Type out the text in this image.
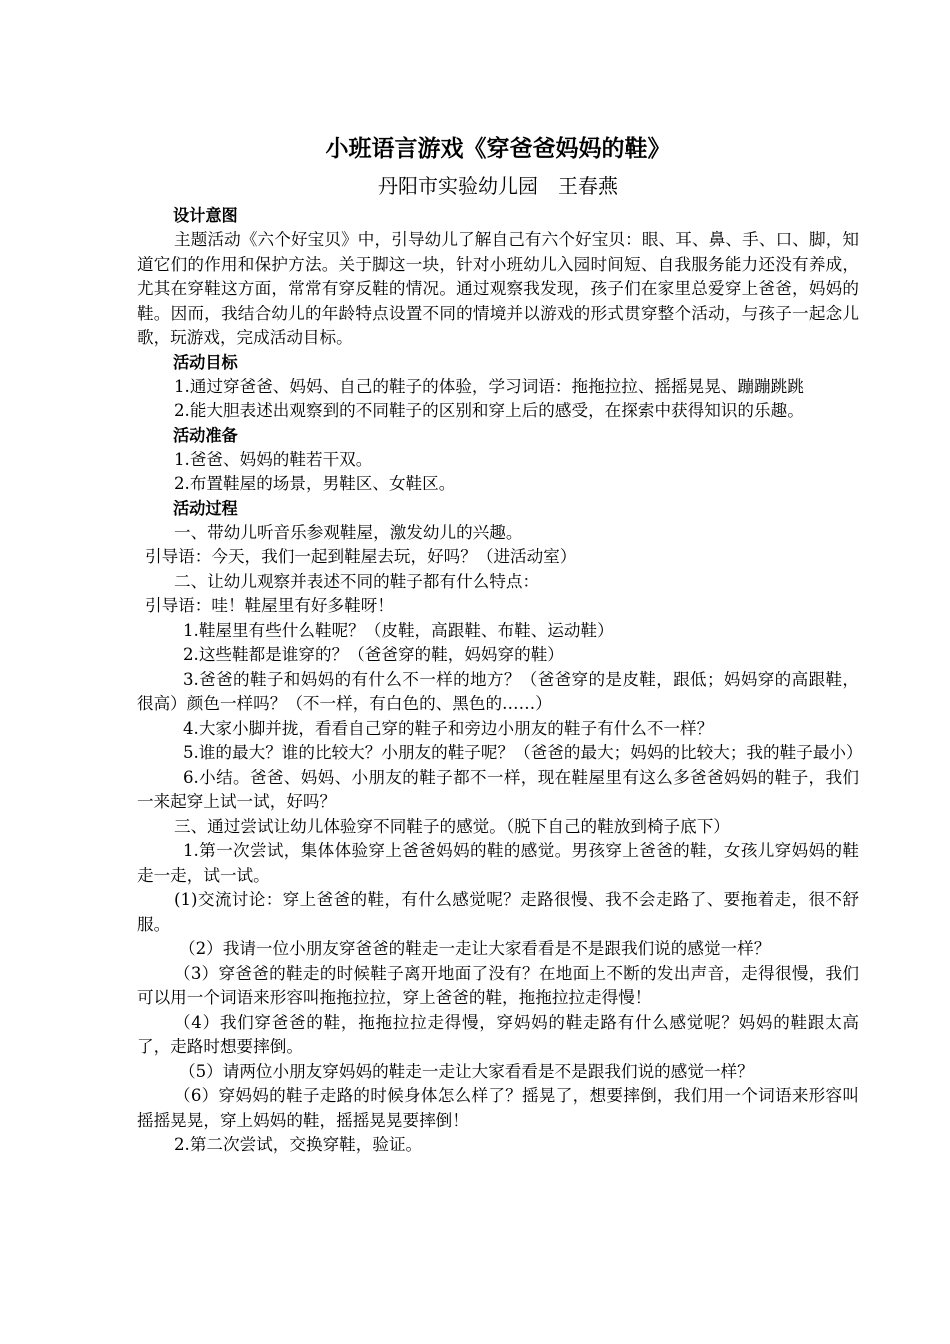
小班语言游戏《穿爸爸妈妈的鞋》
丹阳市实验幼儿园　王春燕
设计意图

主题活动《六个好宝贝》中，引导幼儿了解自己有六个好宝贝：眼、耳、鼻、手、口、脚，知道它们的作用和保护方法。关于脚这一块，针对小班幼儿入园时间短、自我服务能力还没有养成，尤其在穿鞋这方面，常常有穿反鞋的情况。通过观察我发现，孩子们在家里总爱穿上爸爸，妈妈的鞋。因而，我结合幼儿的年龄特点设置不同的情境并以游戏的形式贯穿整个活动，与孩子一起念儿歌，玩游戏，完成活动目标。

活动目标

1.通过穿爸爸、妈妈、自己的鞋子的体验，学习词语：拖拖拉拉、摇摇晃晃、蹦蹦跳跳

2.能大胆表述出观察到的不同鞋子的区别和穿上后的感受，在探索中获得知识的乐趣。

活动准备

1.爸爸、妈妈的鞋若干双。

2.布置鞋屋的场景，男鞋区、女鞋区。

活动过程

一、带幼儿听音乐参观鞋屋，激发幼儿的兴趣。

引导语：今天，我们一起到鞋屋去玩，好吗？（进活动室）

二、让幼儿观察并表述不同的鞋子都有什么特点：

引导语：哇！鞋屋里有好多鞋呀！

1.鞋屋里有些什么鞋呢？（皮鞋，高跟鞋、布鞋、运动鞋）

2.这些鞋都是谁穿的？（爸爸穿的鞋，妈妈穿的鞋）

3.爸爸的鞋子和妈妈的有什么不一样的地方？（爸爸穿的是皮鞋，跟低；妈妈穿的高跟鞋，很高）颜色一样吗？（不一样，有白色的、黑色的……）

4.大家小脚并拢，看看自己穿的鞋子和旁边小朋友的鞋子有什么不一样？

5.谁的最大？谁的比较大？小朋友的鞋子呢？（爸爸的最大；妈妈的比较大；我的鞋子最小）

6.小结。爸爸、妈妈、小朋友的鞋子都不一样，现在鞋屋里有这么多爸爸妈妈的鞋子，我们一来起穿上试一试，好吗？

三、通过尝试让幼儿体验穿不同鞋子的感觉。（脱下自己的鞋放到椅子底下）

1.第一次尝试，集体体验穿上爸爸妈妈的鞋的感觉。男孩穿上爸爸的鞋，女孩儿穿妈妈的鞋走一走，试一试。

(1)交流讨论：穿上爸爸的鞋，有什么感觉呢？走路很慢、我不会走路了、要拖着走，很不舒服。

（2）我请一位小朋友穿爸爸的鞋走一走让大家看看是不是跟我们说的感觉一样？

（3）穿爸爸的鞋走的时候鞋子离开地面了没有？在地面上不断的发出声音，走得很慢，我们可以用一个词语来形容叫拖拖拉拉，穿上爸爸的鞋，拖拖拉拉走得慢！

（4）我们穿爸爸的鞋，拖拖拉拉走得慢，穿妈妈的鞋走路有什么感觉呢？妈妈的鞋跟太高了，走路时想要摔倒。

（5）请两位小朋友穿妈妈的鞋走一走让大家看看是不是跟我们说的感觉一样？

（6）穿妈妈的鞋子走路的时候身体怎么样了？摇晃了，想要摔倒，我们用一个词语来形容叫摇摇晃晃，穿上妈妈的鞋，摇摇晃晃要摔倒！

2.第二次尝试，交换穿鞋，验证。
